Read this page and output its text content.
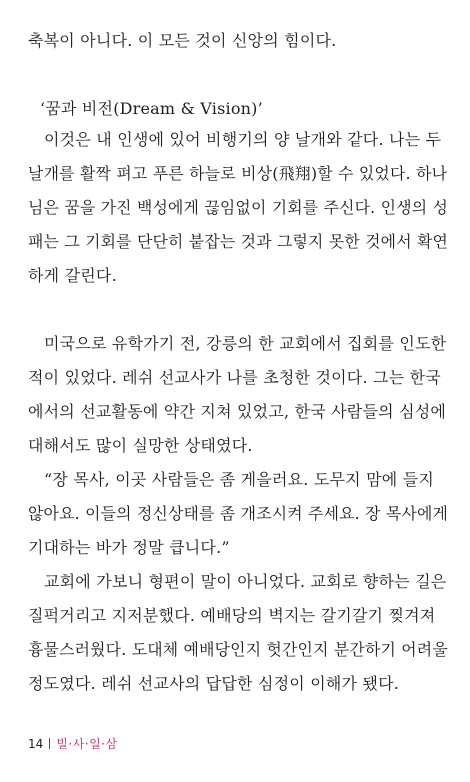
축복이 아니다. 이 모든 것이 신앙의 힘이다.
‘꿈과 비전(Dream & Vision)’
이것은 내 인생에 있어 비행기의 양 날개와 같다. 나는 두
날개를 활짝 펴고 푸른 하늘로 비상(飛翔)할 수 있었다. 하나
님은 꿈을 가진 백성에게 끊임없이 기회를 주신다. 인생의 성
패는 그 기회를 단단히 붙잡는 것과 그렇지 못한 것에서 확연
하게 갈린다.
미국으로 유학가기 전, 강릉의 한 교회에서 집회를 인도한
적이 있었다. 레쉬 선교사가 나를 초청한 것이다. 그는 한국
에서의 선교활동에 약간 지쳐 있었고, 한국 사람들의 심성에
대해서도 많이 실망한 상태였다.
“장 목사, 이곳 사람들은 좀 게을러요. 도무지 맘에 들지
않아요. 이들의 정신상태를 좀 개조시켜 주세요. 장 목사에게
기대하는 바가 정말 큽니다.”
교회에 가보니 형편이 말이 아니었다. 교회로 향하는 길은
질퍽거리고 지저분했다. 예배당의 벽지는 갈기갈기 찢겨져
흉물스러웠다. 도대체 예배당인지 헛간인지 분간하기 어려울
정도였다. 레쉬 선교사의 답답한 심정이 이해가 됐다.
14 빌·사·일·삼
